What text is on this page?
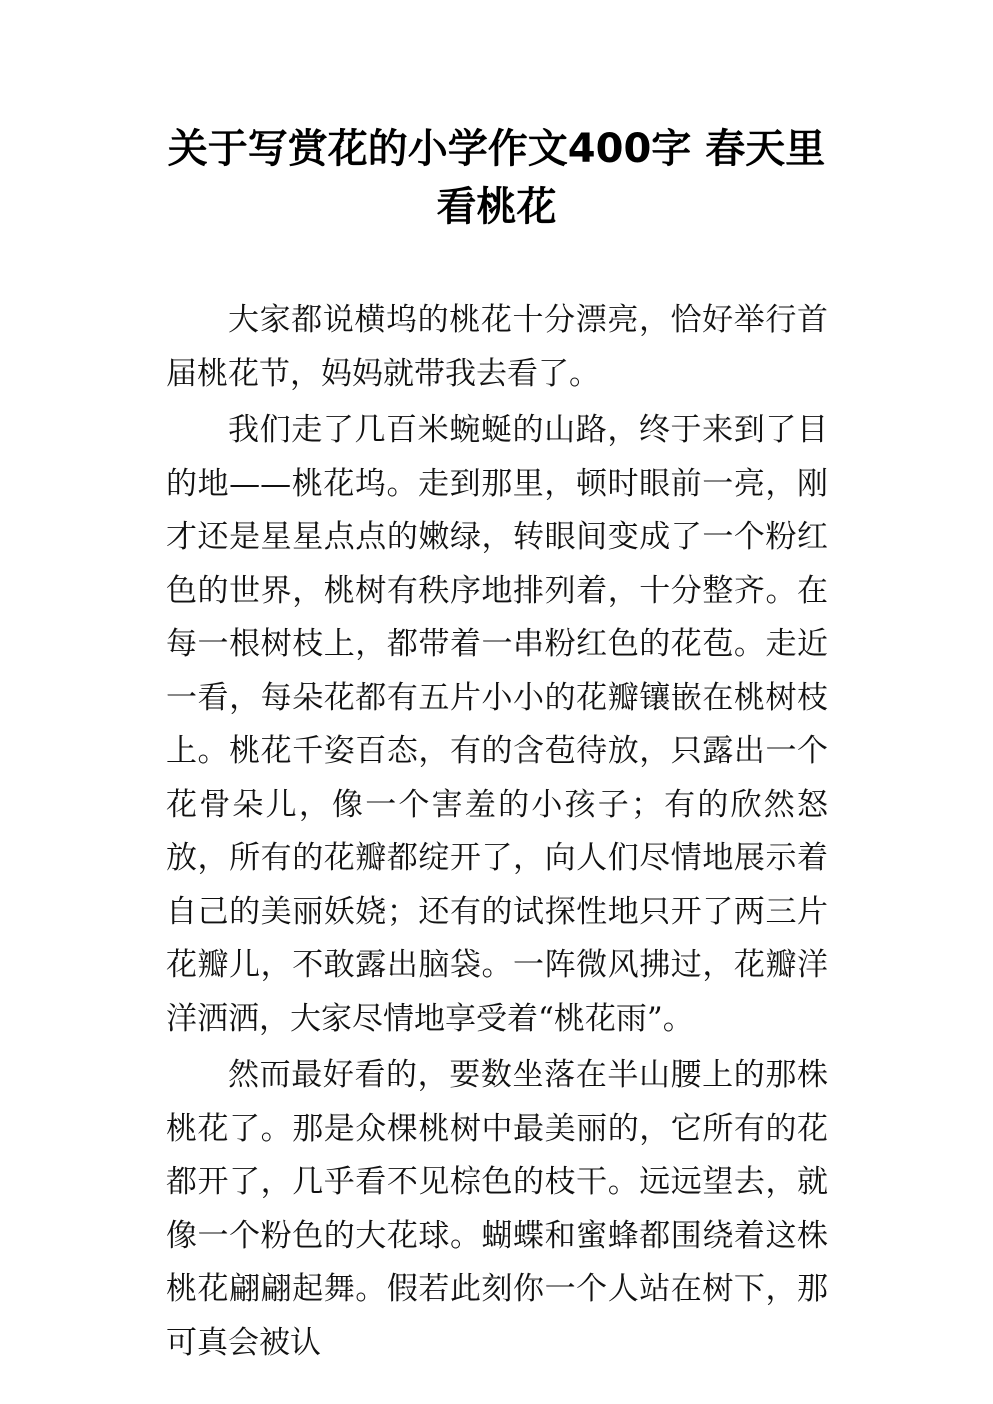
关于写赏花的小学作文400字 春天里看桃花

大家都说横坞的桃花十分漂亮，恰好举行首届桃花节，妈妈就带我去看了。

我们走了几百米蜿蜒的山路，终于来到了目的地——桃花坞。走到那里，顿时眼前一亮，刚才还是星星点点的嫩绿，转眼间变成了一个粉红色的世界，桃树有秩序地排列着，十分整齐。在每一根树枝上，都带着一串粉红色的花苞。走近一看，每朵花都有五片小小的花瓣镶嵌在桃树枝上。桃花千姿百态，有的含苞待放，只露出一个花骨朵儿，像一个害羞的小孩子；有的欣然怒放，所有的花瓣都绽开了，向人们尽情地展示着自己的美丽妖娆；还有的试探性地只开了两三片花瓣儿，不敢露出脑袋。一阵微风拂过，花瓣洋洋洒洒，大家尽情地享受着“桃花雨”。

然而最好看的，要数坐落在半山腰上的那株桃花了。那是众棵桃树中最美丽的，它所有的花都开了，几乎看不见棕色的枝干。远远望去，就像一个粉色的大花球。蝴蝶和蜜蜂都围绕着这株桃花翩翩起舞。假若此刻你一个人站在树下，那可真会被认
